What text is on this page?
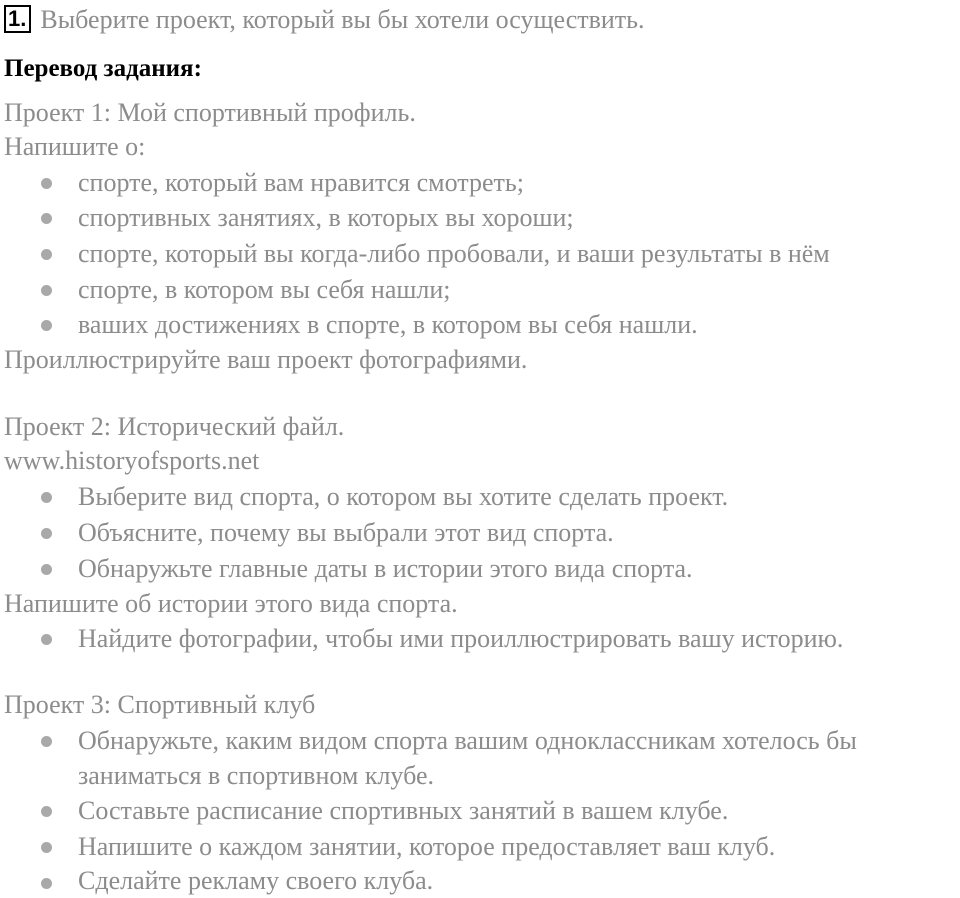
1. Выберите проект, который вы бы хотели осуществить.
Перевод задания:
Проект 1: Мой спортивный профиль.
Напишите о:
спорте, который вам нравится смотреть;
спортивных занятиях, в которых вы хороши;
спорте, который вы когда-либо пробовали, и ваши результаты в нём
спорте, в котором вы себя нашли;
ваших достижениях в спорте, в котором вы себя нашли.
Проиллюстрируйте ваш проект фотографиями.
Проект 2: Исторический файл.
www.historyofsports.net
Выберите вид спорта, о котором вы хотите сделать проект.
Объясните, почему вы выбрали этот вид спорта.
Обнаружьте главные даты в истории этого вида спорта.
Напишите об истории этого вида спорта.
Найдите фотографии, чтобы ими проиллюстрировать вашу историю.
Проект 3: Спортивный клуб
Обнаружьте, каким видом спорта вашим одноклассникам хотелось бы
заниматься в спортивном клубе.
Составьте расписание спортивных занятий в вашем клубе.
Напишите о каждом занятии, которое предоставляет ваш клуб.
Сделайте рекламу своего клуба.
